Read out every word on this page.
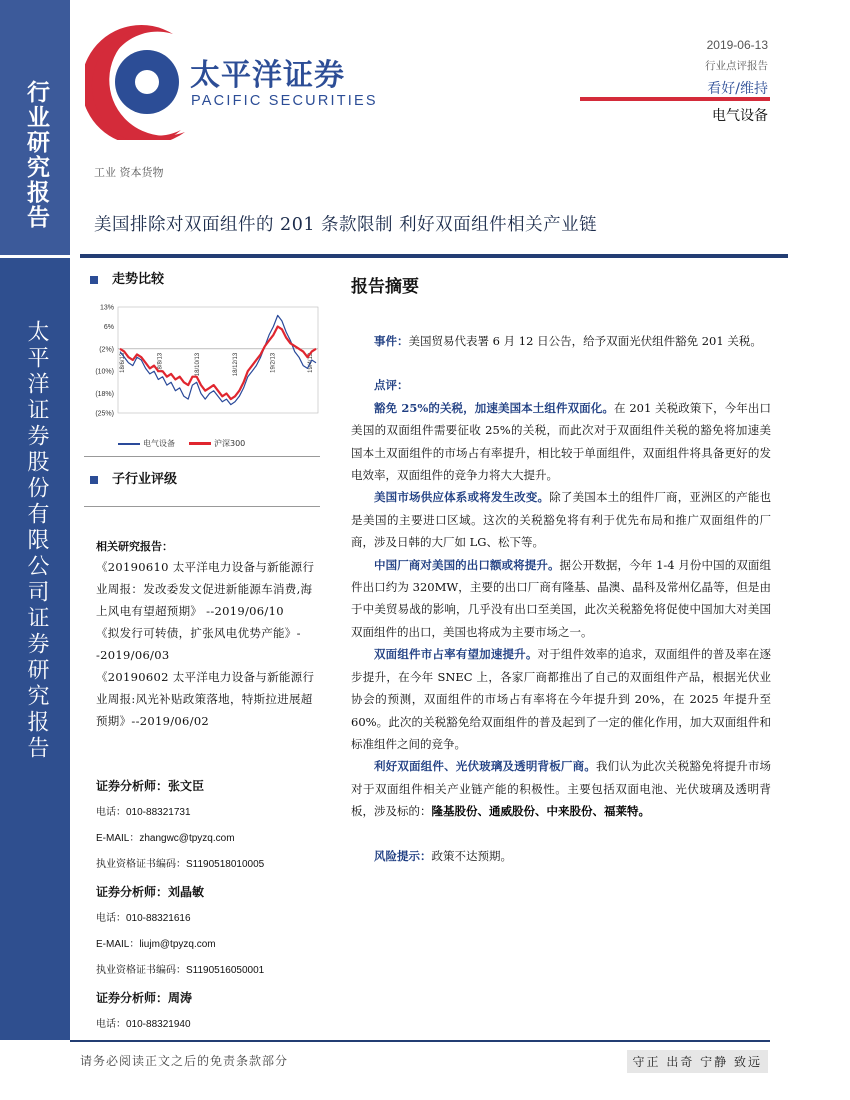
行业研究报告
太平洋证券股份有限公司证券研究报告
太平洋证券
PACIFIC SECURITIES
2019-06-13
行业点评报告
看好/维持
电气设备
工业 资本货物
美国排除对双面组件的 201 条款限制 利好双面组件相关产业链
走势比较
13%
6%
(2%)
(10%)
(18%)
(25%)
18/6/13	18/8/13	18/10/13	18/12/13	19/2/13	19/4/13
电气设备	沪深300
子行业评级
相关研究报告：
《20190610 太平洋电力设备与新能源行业周报：发改委发文促进新能源车消费,海上风电有望超预期》 --2019/06/10
《拟发行可转债，扩张风电优势产能》--2019/06/03
《20190602 太平洋电力设备与新能源行业周报:风光补贴政策落地，特斯拉进展超预期》--2019/06/02
证券分析师：张文臣
电话：010-88321731
E-MAIL：zhangwc@tpyzq.com
执业资格证书编码：S1190518010005
证券分析师：刘晶敏
电话：010-88321616
E-MAIL：liujm@tpyzq.com
执业资格证书编码：S1190516050001
证券分析师：周涛
电话：010-88321940
报告摘要

事件：美国贸易代表署 6 月 12 日公告，给予双面光伏组件豁免 201 关税。

点评：

豁免 25%的关税，加速美国本土组件双面化。在 201 关税政策下，今年出口美国的双面组件需要征收 25%的关税，而此次对于双面组件关税的豁免将加速美国本土双面组件的市场占有率提升，相比较于单面组件，双面组件将具备更好的发电效率，双面组件的竞争力将大大提升。

美国市场供应体系或将发生改变。除了美国本土的组件厂商，亚洲区的产能也是美国的主要进口区域。这次的关税豁免将有利于优先布局和推广双面组件的厂商，涉及日韩的大厂如 LG、松下等。

中国厂商对美国的出口额或将提升。据公开数据，今年 1-4 月份中国的双面组件出口约为 320MW，主要的出口厂商有隆基、晶澳、晶科及常州亿晶等，但是由于中美贸易战的影响，几乎没有出口至美国，此次关税豁免将促使中国加大对美国双面组件的出口，美国也将成为主要市场之一。

双面组件市占率有望加速提升。对于组件效率的追求，双面组件的普及率在逐步提升，在今年 SNEC 上，各家厂商都推出了自己的双面组件产品，根据光伏业协会的预测，双面组件的市场占有率将在今年提升到 20%，在 2025 年提升至 60%。此次的关税豁免给双面组件的普及起到了一定的催化作用，加大双面组件和标准组件之间的竞争。

利好双面组件、光伏玻璃及透明背板厂商。我们认为此次关税豁免将提升市场对于双面组件相关产业链产能的积极性。主要包括双面电池、光伏玻璃及透明背板，涉及标的：隆基股份、通威股份、中来股份、福莱特。

风险提示：政策不达预期。

请务必阅读正文之后的免责条款部分	守正 出奇 宁静 致远
